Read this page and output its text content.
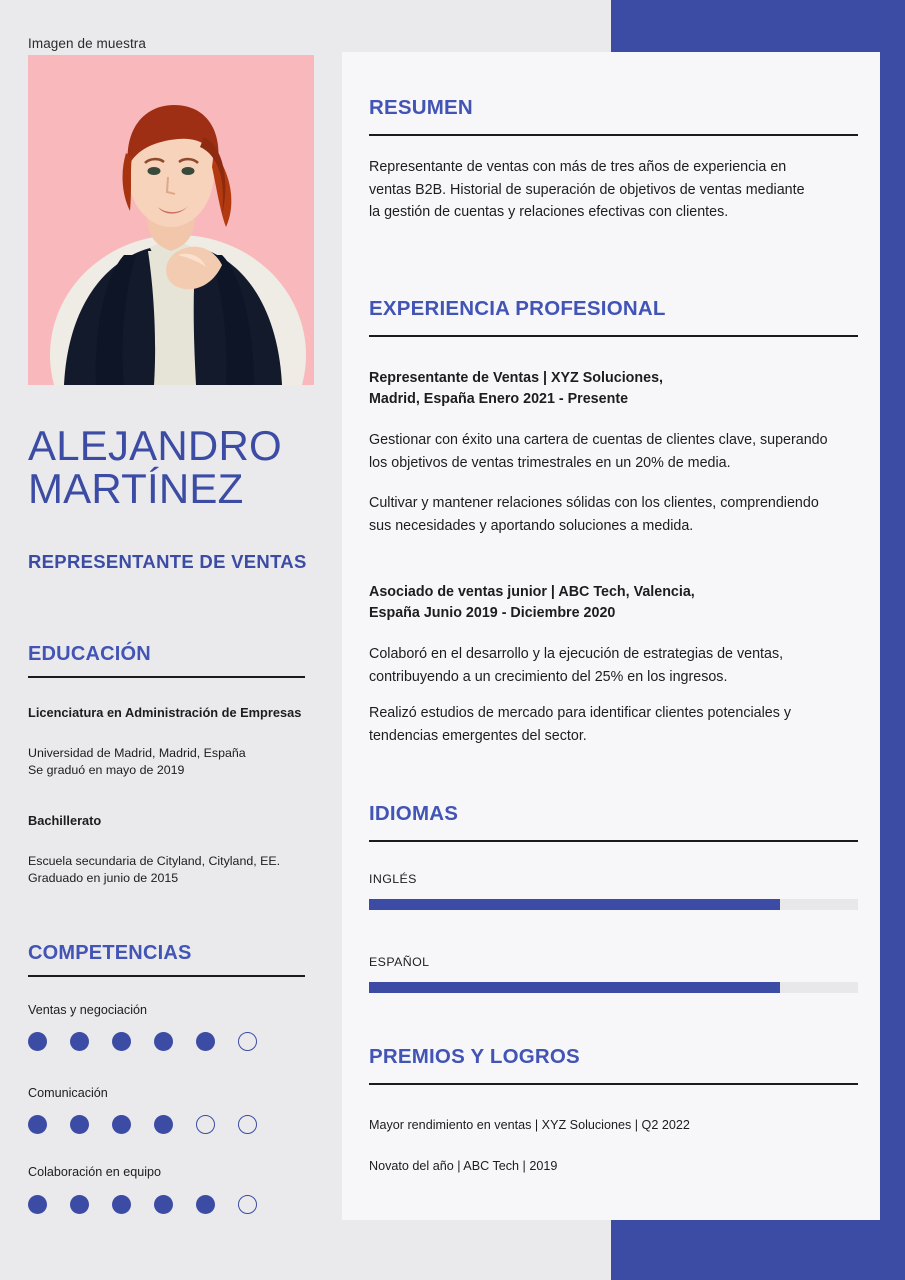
Imagen de muestra
ALEJANDRO
MARTÍNEZ
REPRESENTANTE DE VENTAS
EDUCACIÓN
Licenciatura en Administración de Empresas
Universidad de Madrid, Madrid, España
Se graduó en mayo de 2019
Bachillerato
Escuela secundaria de Cityland, Cityland, EE.
Graduado en junio de 2015
COMPETENCIAS
Ventas y negociación
Comunicación
Colaboración en equipo
RESUMEN
Representante de ventas con más de tres años de experiencia en ventas B2B. Historial de superación de objetivos de ventas mediante la gestión de cuentas y relaciones efectivas con clientes.
EXPERIENCIA PROFESIONAL
Representante de Ventas | XYZ Soluciones,
Madrid, España Enero 2021 - Presente
Gestionar con éxito una cartera de cuentas de clientes clave, superando los objetivos de ventas trimestrales en un 20% de media.
Cultivar y mantener relaciones sólidas con los clientes, comprendiendo sus necesidades y aportando soluciones a medida.
Asociado de ventas junior | ABC Tech, Valencia,
España Junio 2019 - Diciembre 2020
Colaboró en el desarrollo y la ejecución de estrategias de ventas, contribuyendo a un crecimiento del 25% en los ingresos.
Realizó estudios de mercado para identificar clientes potenciales y tendencias emergentes del sector.
IDIOMAS
INGLÉS
ESPAÑOL
PREMIOS Y LOGROS
Mayor rendimiento en ventas | XYZ Soluciones | Q2 2022
Novato del año | ABC Tech | 2019
